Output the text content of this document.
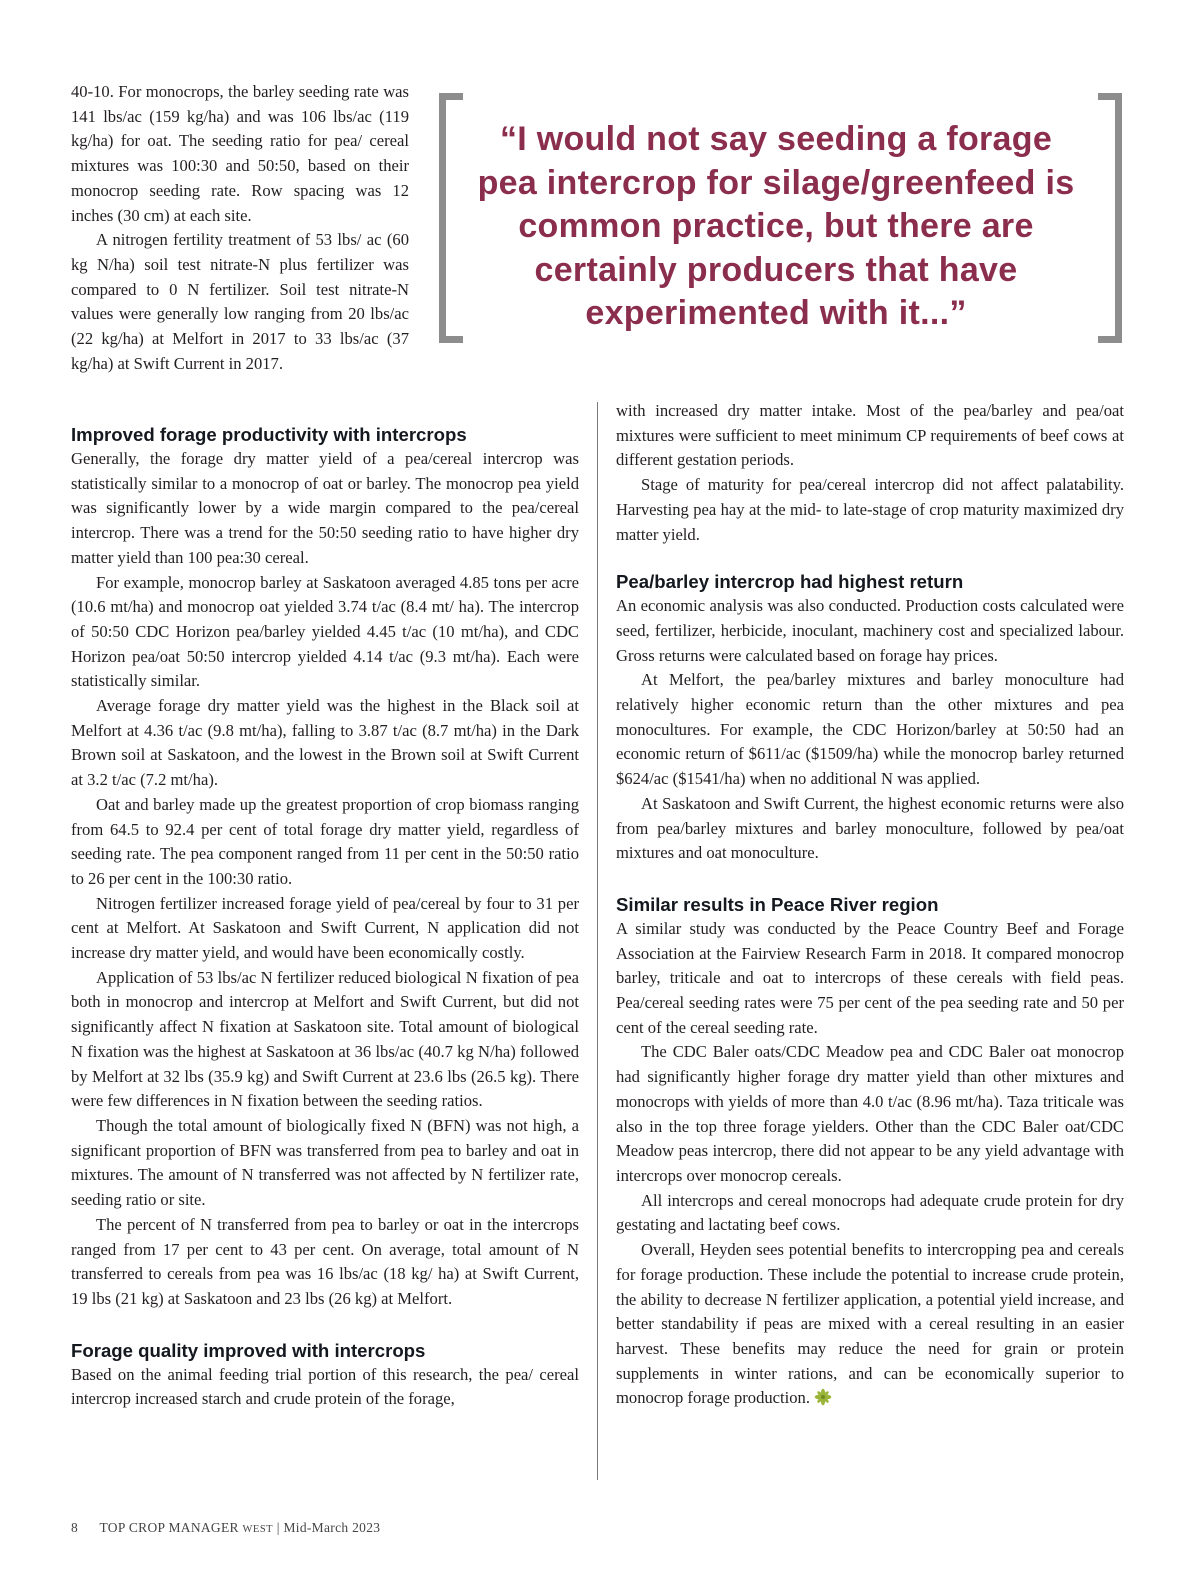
40-10. For monocrops, the barley seeding rate was 141 lbs/ac (159 kg/ha) and was 106 lbs/ac (119 kg/ha) for oat. The seeding ratio for pea/ cereal mixtures was 100:30 and 50:50, based on their monocrop seeding rate. Row spacing was 12 inches (30 cm) at each site.

A nitrogen fertility treatment of 53 lbs/ ac (60 kg N/ha) soil test nitrate-N plus fertilizer was compared to 0 N fertilizer. Soil test nitrate-N values were generally low ranging from 20 lbs/ac (22 kg/ha) at Melfort in 2017 to 33 lbs/ac (37 kg/ha) at Swift Current in 2017.

“I would not say seeding a forage pea intercrop for silage/greenfeed is common practice, but there are certainly producers that have experimented with it...”
Improved forage productivity with intercrops

Generally, the forage dry matter yield of a pea/cereal intercrop was statistically similar to a monocrop of oat or barley. The monocrop pea yield was significantly lower by a wide margin compared to the pea/cereal intercrop. There was a trend for the 50:50 seeding ratio to have higher dry matter yield than 100 pea:30 cereal.

For example, monocrop barley at Saskatoon averaged 4.85 tons per acre (10.6 mt/ha) and monocrop oat yielded 3.74 t/ac (8.4 mt/ ha). The intercrop of 50:50 CDC Horizon pea/barley yielded 4.45 t/ac (10 mt/ha), and CDC Horizon pea/oat 50:50 intercrop yielded 4.14 t/ac (9.3 mt/ha). Each were statistically similar.

Average forage dry matter yield was the highest in the Black soil at Melfort at 4.36 t/ac (9.8 mt/ha), falling to 3.87 t/ac (8.7 mt/ha) in the Dark Brown soil at Saskatoon, and the lowest in the Brown soil at Swift Current at 3.2 t/ac (7.2 mt/ha).

Oat and barley made up the greatest proportion of crop biomass ranging from 64.5 to 92.4 per cent of total forage dry matter yield, regardless of seeding rate. The pea component ranged from 11 per cent in the 50:50 ratio to 26 per cent in the 100:30 ratio.

Nitrogen fertilizer increased forage yield of pea/cereal by four to 31 per cent at Melfort. At Saskatoon and Swift Current, N application did not increase dry matter yield, and would have been economically costly.

Application of 53 lbs/ac N fertilizer reduced biological N fixation of pea both in monocrop and intercrop at Melfort and Swift Current, but did not significantly affect N fixation at Saskatoon site. Total amount of biological N fixation was the highest at Saskatoon at 36 lbs/ac (40.7 kg N/ha) followed by Melfort at 32 lbs (35.9 kg) and Swift Current at 23.6 lbs (26.5 kg). There were few differences in N fixation between the seeding ratios.

Though the total amount of biologically fixed N (BFN) was not high, a significant proportion of BFN was transferred from pea to barley and oat in mixtures. The amount of N transferred was not affected by N fertilizer rate, seeding ratio or site.

The percent of N transferred from pea to barley or oat in the intercrops ranged from 17 per cent to 43 per cent. On average, total amount of N transferred to cereals from pea was 16 lbs/ac (18 kg/ ha) at Swift Current, 19 lbs (21 kg) at Saskatoon and 23 lbs (26 kg) at Melfort.

Forage quality improved with intercrops

Based on the animal feeding trial portion of this research, the pea/ cereal intercrop increased starch and crude protein of the forage,

with increased dry matter intake. Most of the pea/barley and pea/oat mixtures were sufficient to meet minimum CP requirements of beef cows at different gestation periods.

Stage of maturity for pea/cereal intercrop did not affect palatability. Harvesting pea hay at the mid- to late-stage of crop maturity maximized dry matter yield.

Pea/barley intercrop had highest return

An economic analysis was also conducted. Production costs calculated were seed, fertilizer, herbicide, inoculant, machinery cost and specialized labour. Gross returns were calculated based on forage hay prices.

At Melfort, the pea/barley mixtures and barley monoculture had relatively higher economic return than the other mixtures and pea monocultures. For example, the CDC Horizon/barley at 50:50 had an economic return of $611/ac ($1509/ha) while the monocrop barley returned $624/ac ($1541/ha) when no additional N was applied.

At Saskatoon and Swift Current, the highest economic returns were also from pea/barley mixtures and barley monoculture, followed by pea/oat mixtures and oat monoculture.

Similar results in Peace River region

A similar study was conducted by the Peace Country Beef and Forage Association at the Fairview Research Farm in 2018. It compared monocrop barley, triticale and oat to intercrops of these cereals with field peas. Pea/cereal seeding rates were 75 per cent of the pea seeding rate and 50 per cent of the cereal seeding rate.

The CDC Baler oats/CDC Meadow pea and CDC Baler oat monocrop had significantly higher forage dry matter yield than other mixtures and monocrops with yields of more than 4.0 t/ac (8.96 mt/ha). Taza triticale was also in the top three forage yielders. Other than the CDC Baler oat/CDC Meadow peas intercrop, there did not appear to be any yield advantage with intercrops over monocrop cereals.

All intercrops and cereal monocrops had adequate crude protein for dry gestating and lactating beef cows.

Overall, Heyden sees potential benefits to intercropping pea and cereals for forage production. These include the potential to increase crude protein, the ability to decrease N fertilizer application, a potential yield increase, and better standability if peas are mixed with a cereal resulting in an easier harvest. These benefits may reduce the need for grain or protein supplements in winter rations, and can be economically superior to monocrop forage production.

8 TOP CROP MANAGER WEST | Mid-March 2023
